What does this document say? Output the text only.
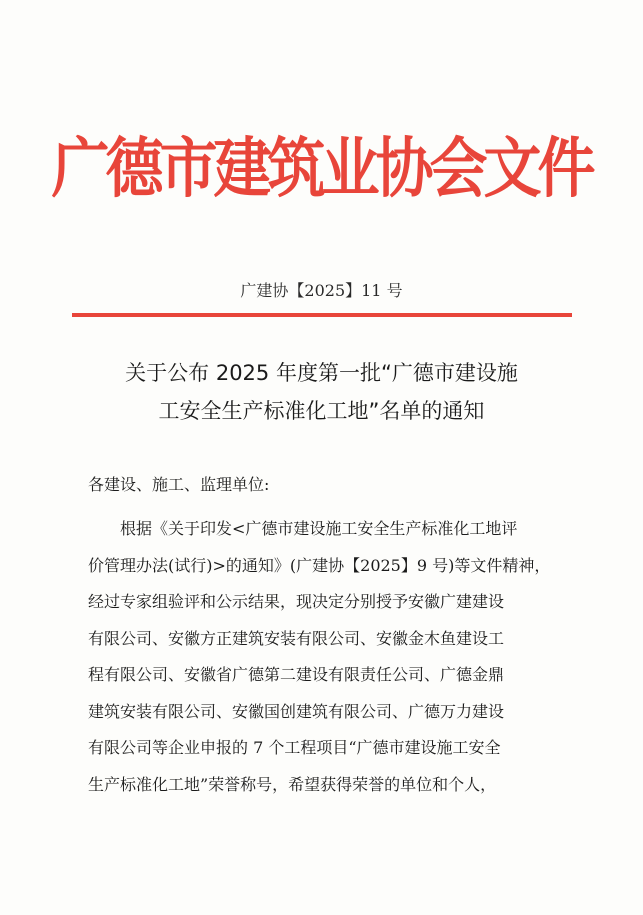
广德市建筑业协会文件
广建协【2025】11 号
关于公布 2025 年度第一批“广德市建设施
工安全生产标准化工地”名单的通知
各建设、施工、监理单位:
根据《关于印发<广德市建设施工安全生产标准化工地评
价管理办法(试行)>的通知》(广建协【2025】9 号)等文件精神，
经过专家组验评和公示结果，现决定分别授予安徽广建建设
有限公司、安徽方正建筑安装有限公司、安徽金木鱼建设工
程有限公司、安徽省广德第二建设有限责任公司、广德金鼎
建筑安装有限公司、安徽国创建筑有限公司、广德万力建设
有限公司等企业申报的 7 个工程项目“广德市建设施工安全
生产标准化工地”荣誉称号，希望获得荣誉的单位和个人，
